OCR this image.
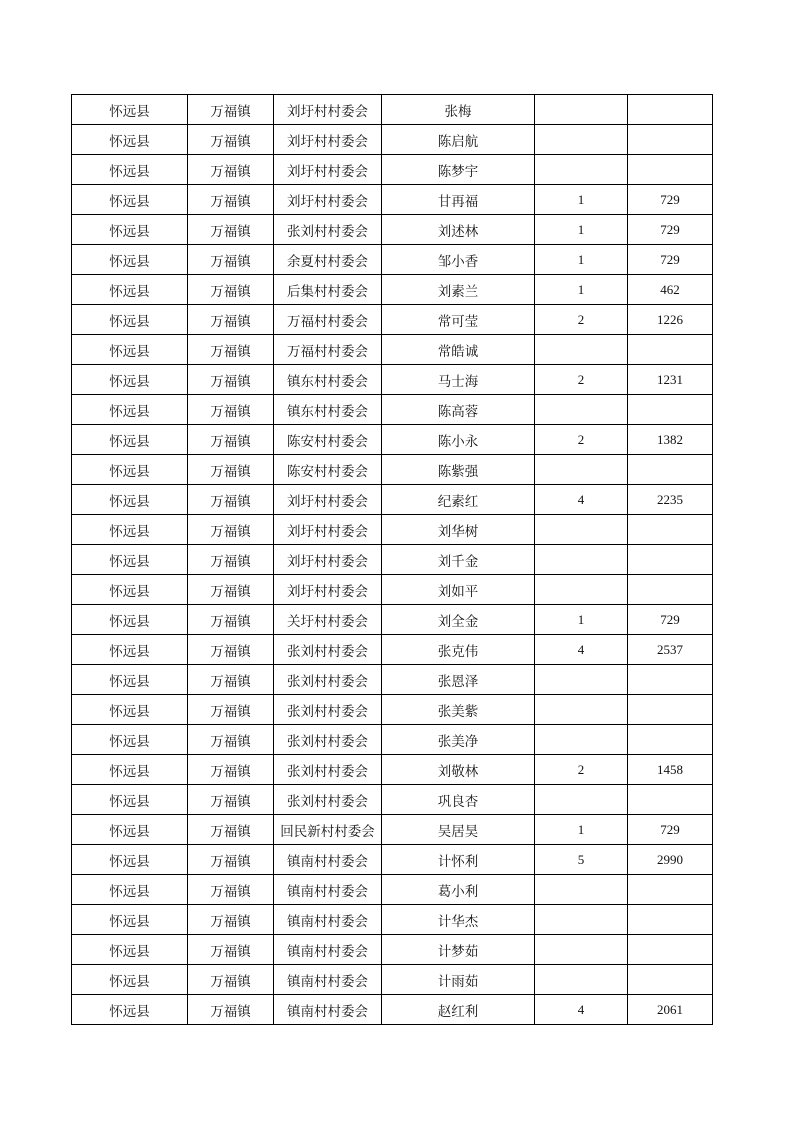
怀远县	万福镇	刘圩村村委会	张梅		
怀远县	万福镇	刘圩村村委会	陈启航		
怀远县	万福镇	刘圩村村委会	陈梦宇		
怀远县	万福镇	刘圩村村委会	甘再福	1	729
怀远县	万福镇	张刘村村委会	刘述林	1	729
怀远县	万福镇	余夏村村委会	邹小香	1	729
怀远县	万福镇	后集村村委会	刘素兰	1	462
怀远县	万福镇	万福村村委会	常可莹	2	1226
怀远县	万福镇	万福村村委会	常皓诚		
怀远县	万福镇	镇东村村委会	马士海	2	1231
怀远县	万福镇	镇东村村委会	陈高蓉		
怀远县	万福镇	陈安村村委会	陈小永	2	1382
怀远县	万福镇	陈安村村委会	陈紫强		
怀远县	万福镇	刘圩村村委会	纪素红	4	2235
怀远县	万福镇	刘圩村村委会	刘华树		
怀远县	万福镇	刘圩村村委会	刘千金		
怀远县	万福镇	刘圩村村委会	刘如平		
怀远县	万福镇	关圩村村委会	刘全金	1	729
怀远县	万福镇	张刘村村委会	张克伟	4	2537
怀远县	万福镇	张刘村村委会	张恩泽		
怀远县	万福镇	张刘村村委会	张美紫		
怀远县	万福镇	张刘村村委会	张美净		
怀远县	万福镇	张刘村村委会	刘敬林	2	1458
怀远县	万福镇	张刘村村委会	巩良杏		
怀远县	万福镇	回民新村村委会	吴居昊	1	729
怀远县	万福镇	镇南村村委会	计怀利	5	2990
怀远县	万福镇	镇南村村委会	葛小利		
怀远县	万福镇	镇南村村委会	计华杰		
怀远县	万福镇	镇南村村委会	计梦茹		
怀远县	万福镇	镇南村村委会	计雨茹		
怀远县	万福镇	镇南村村委会	赵红利	4	2061
